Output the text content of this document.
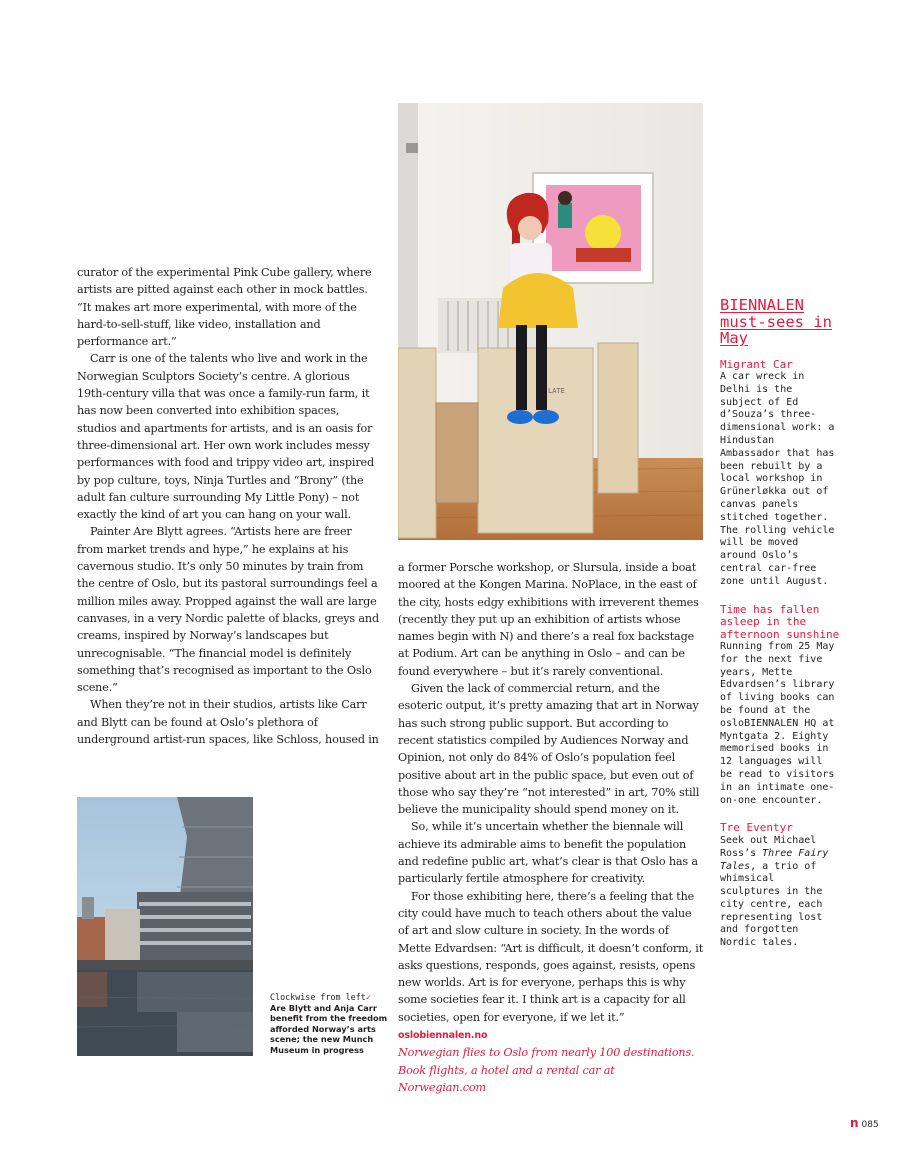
curator of the experimental Pink Cube gallery, where artists are pitted against each other in mock battles. “It makes art more experimental, with more of the hard-to-sell-stuff, like video, installation and performance art.”

Carr is one of the talents who live and work in the Norwegian Sculptors Society’s centre. A glorious 19th-century villa that was once a family-run farm, it has now been converted into exhibition spaces, studios and apartments for artists, and is an oasis for three-dimensional art. Her own work includes messy performances with food and trippy video art, inspired by pop culture, toys, Ninja Turtles and “Brony” (the adult fan culture surrounding My Little Pony) – not exactly the kind of art you can hang on your wall.

Painter Are Blytt agrees. “Artists here are freer from market trends and hype,” he explains at his cavernous studio. It’s only 50 minutes by train from the centre of Oslo, but its pastoral surroundings feel a million miles away. Propped against the wall are large canvases, in a very Nordic palette of blacks, greys and creams, inspired by Norway’s landscapes but unrecognisable. “The financial model is definitely something that’s recognised as important to the Oslo scene.”

When they’re not in their studios, artists like Carr and Blytt can be found at Oslo’s plethora of underground artist-run spaces, like Schloss, housed in

a former Porsche workshop, or Slursula, inside a boat moored at the Kongen Marina. NoPlace, in the east of the city, hosts edgy exhibitions with irreverent themes (recently they put up an exhibition of artists whose names begin with N) and there’s a real fox backstage at Podium. Art can be anything in Oslo – and can be found everywhere – but it’s rarely conventional.

Given the lack of commercial return, and the esoteric output, it’s pretty amazing that art in Norway has such strong public support. But according to recent statistics compiled by Audiences Norway and Opinion, not only do 84% of Oslo’s population feel positive about art in the public space, but even out of those who say they’re “not interested” in art, 70% still believe the municipality should spend money on it.

So, while it’s uncertain whether the biennale will achieve its admirable aims to benefit the population and redefine public art, what’s clear is that Oslo has a particularly fertile atmosphere for creativity.

For those exhibiting here, there’s a feeling that the city could have much to teach others about the value of art and slow culture in society. In the words of Mette Edvardsen: “Art is difficult, it doesn’t conform, it asks questions, responds, goes against, resists, opens new worlds. Art is for everyone, perhaps this is why some societies fear it. I think art is a capacity for all societies, open for everyone, if we let it.” oslobiennalen.no
Norwegian flies to Oslo from nearly 100 destinations. Book flights, a hotel and a rental car at Norwegian.com

LATE
Clockwise from left✓
Are Blytt and Anja Carr benefit from the freedom afforded Norway’s arts scene; the new Munch Museum in progress
BIENNALEN must-sees in May
Migrant Car

A car wreck in Delhi is the subject of Ed d’Souza’s three-dimensional work: a Hindustan Ambassador that has been rebuilt by a local workshop in Grünerløkka out of canvas panels stitched together. The rolling vehicle will be moved around Oslo’s central car-free zone until August.

Time has fallen asleep in the afternoon sunshine

Running from 25 May for the next five years, Mette Edvardsen’s library of living books can be found at the osloBIENNALEN HQ at Myntgata 2. Eighty memorised books in 12 languages will be read to visitors in an intimate one-on-one encounter.

Tre Eventyr

Seek out Michael Ross’s Three Fairy Tales, a trio of whimsical sculptures in the city centre, each representing lost and forgotten Nordic tales.

n 085
